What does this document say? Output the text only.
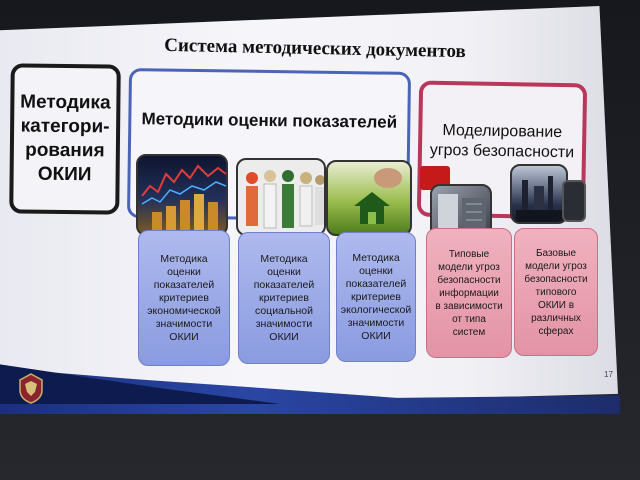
Система методических документов
Методика
категори-
рования
ОКИИ
Методики оценки показателей	Моделирование
угроз безопасности
Методика
оценки
показателей
критериев
экономической
значимости
ОКИИ
Методика
оценки
показателей
критериев
социальной
значимости
ОКИИ
Методика
оценки
показателей
критериев
экологической
значимости
ОКИИ
Типовые
модели угроз
безопасности
информации
в зависимости
от типа
систем
Базовые
модели угроз
безопасности
типового
ОКИИ в
различных
сферах
17
